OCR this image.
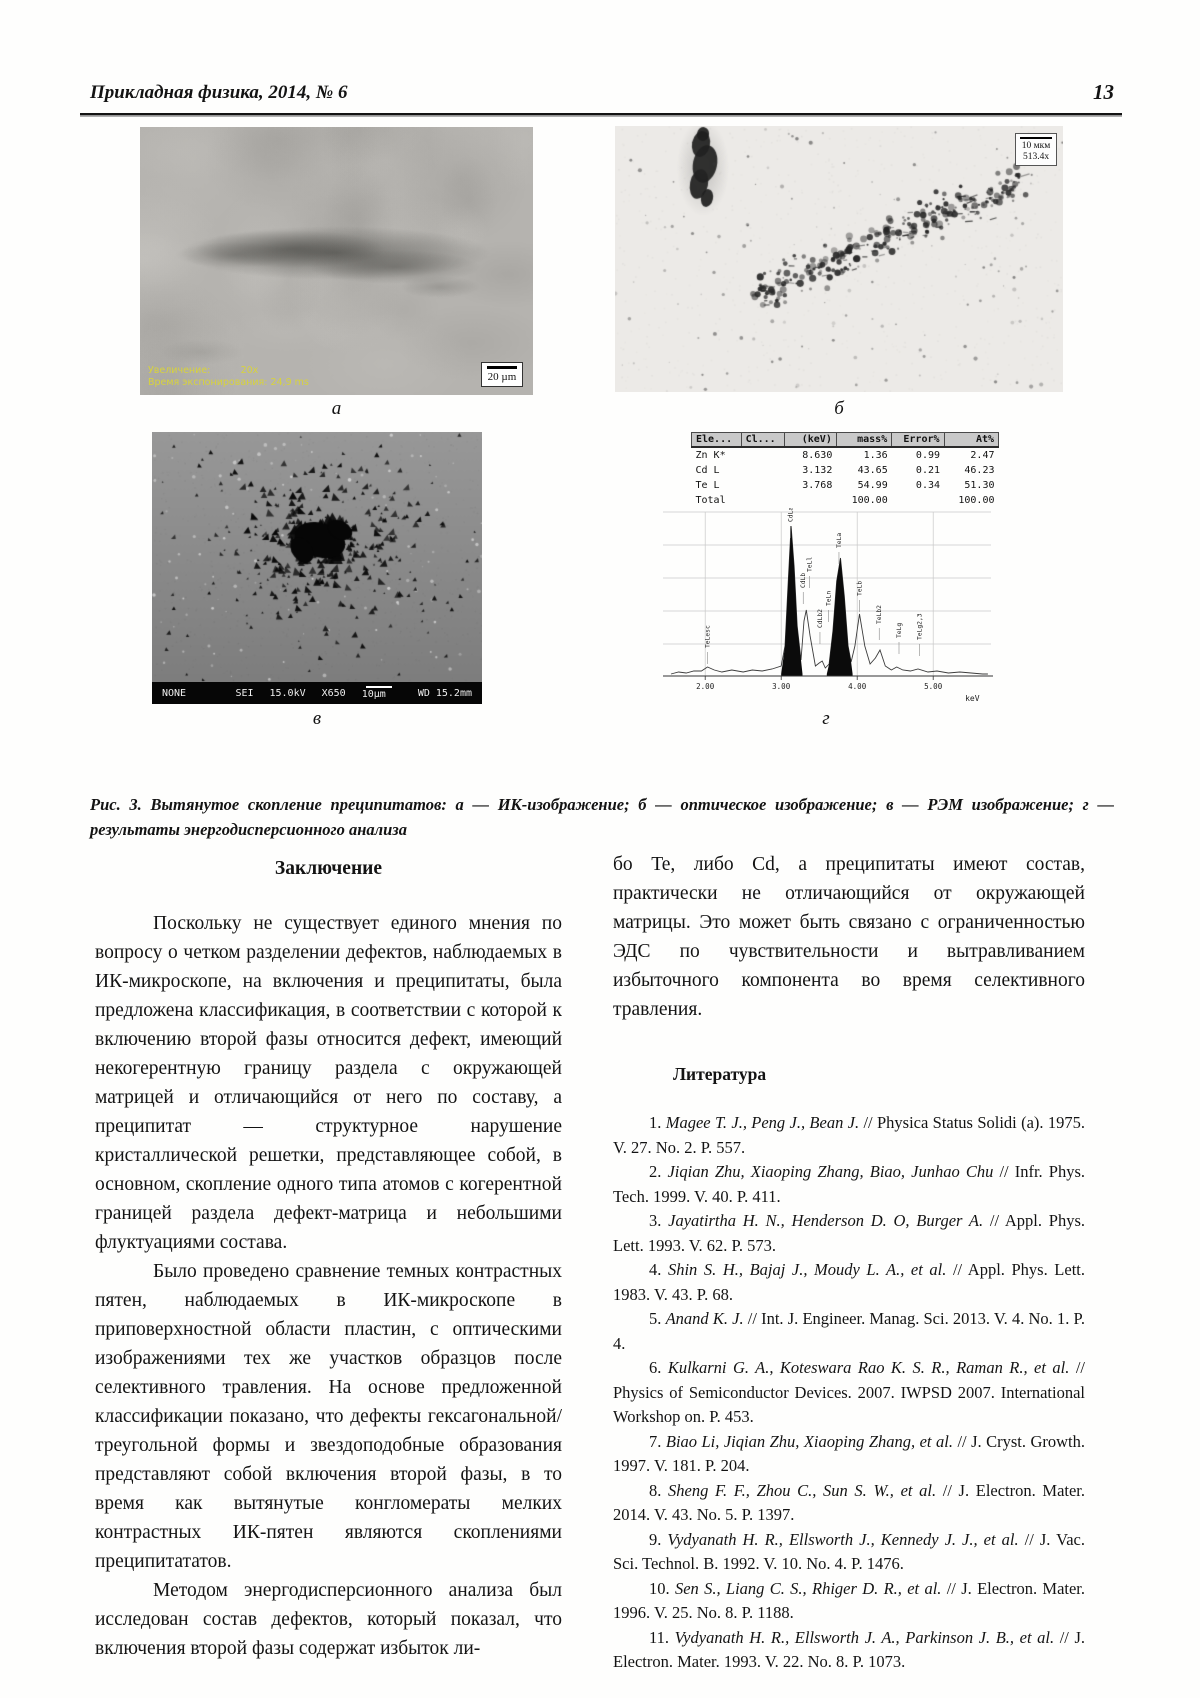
Прикладная физика, 2014, № 6	13
Увеличение:          20x
Время экспонирования: 24,9 ms	20 µm
а
10 мкм
513.4x
б
NONE	SEI 15.0kV X650 10µm	WD 15.2mm
в
Ele...	Cl...	(keV)	mass%	Error%	At%
Zn K*		8.630	1.36	0.99	2.47
Cd L		3.132	43.65	0.21	46.23
Te L		3.768	54.99	0.34	51.30
Total			100.00		100.00
2.00	3.00	4.00	5.00
keV
TeLesc
CdLa
CdLb
TeLl
CdLb2
TeLn
TeLa
TeLb
TeLb2
TeLg TeLg2,3
г
Рис. 3. Вытянутое скопление преципитатов: а — ИК-изображение; б — оптическое изображение; в — РЭМ изображение; г — результаты энергодисперсионного анализа
Заключение

Поскольку не существует единого мнения по вопросу о четком разделении дефектов, наблюдаемых в ИК-микроскопе, на включения и преципитаты, была предложена классификация, в соответствии с которой к включению второй фазы относится дефект, имеющий некогерентную границу раздела с окружающей матрицей и отличающийся от него по составу, а преципитат — структурное нарушение кристаллической решетки, представляющее собой, в основном, скопление одного типа атомов с когерентной границей раздела дефект-матрица и небольшими флуктуациями состава.

Было проведено сравнение темных контрастных пятен, наблюдаемых в ИК-микроскопе в приповерхностной области пластин, с оптическими изображениями тех же участков образцов после селективного травления. На основе предложенной классификации показано, что дефекты гексагональной/треугольной формы и звездоподобные образования представляют собой включения второй фазы, в то время как вытянутые конгломераты мелких контрастных ИК-пятен являются скоплениями преципитататов.

Методом энергодисперсионного анализа был исследован состав дефектов, который показал, что включения второй фазы содержат избыток ли-

бо Te, либо Cd, а преципитаты имеют состав, практически не отличающийся от окружающей матрицы. Это может быть связано с ограниченностью ЭДС по чувствительности и вытравливанием избыточного компонента во время селективного травления.

Литература
1. Magee T. J., Peng J., Bean J. // Physica Status Solidi (a). 1975. V. 27. No. 2. P. 557.
2. Jiqian Zhu, Xiaoping Zhang, Biao, Junhao Chu // Infr. Phys. Tech. 1999. V. 40. P. 411.
3. Jayatirtha H. N., Henderson D. O, Burger A. // Appl. Phys. Lett. 1993. V. 62. P. 573.
4. Shin S. H., Bajaj J., Moudy L. A., et al. // Appl. Phys. Lett. 1983. V. 43. P. 68.
5. Anand K. J. // Int. J. Engineer. Manag. Sci. 2013. V. 4. No. 1. P. 4.
6. Kulkarni G. A., Koteswara Rao K. S. R., Raman R., et al. // Physics of Semiconductor Devices. 2007. IWPSD 2007. International Workshop on. P. 453.
7. Biao Li, Jiqian Zhu, Xiaoping Zhang, et al. // J. Cryst. Growth. 1997. V. 181. P. 204.
8. Sheng F. F., Zhou C., Sun S. W., et al. // J. Electron. Mater. 2014. V. 43. No. 5. P. 1397.
9. Vydyanath H. R., Ellsworth J., Kennedy J. J., et al. // J. Vac. Sci. Technol. B. 1992. V. 10. No. 4. P. 1476.
10. Sen S., Liang C. S., Rhiger D. R., et al. // J. Electron. Mater. 1996. V. 25. No. 8. P. 1188.
11. Vydyanath H. R., Ellsworth J. A., Parkinson J. B., et al. // J. Electron. Mater. 1993. V. 22. No. 8. P. 1073.
